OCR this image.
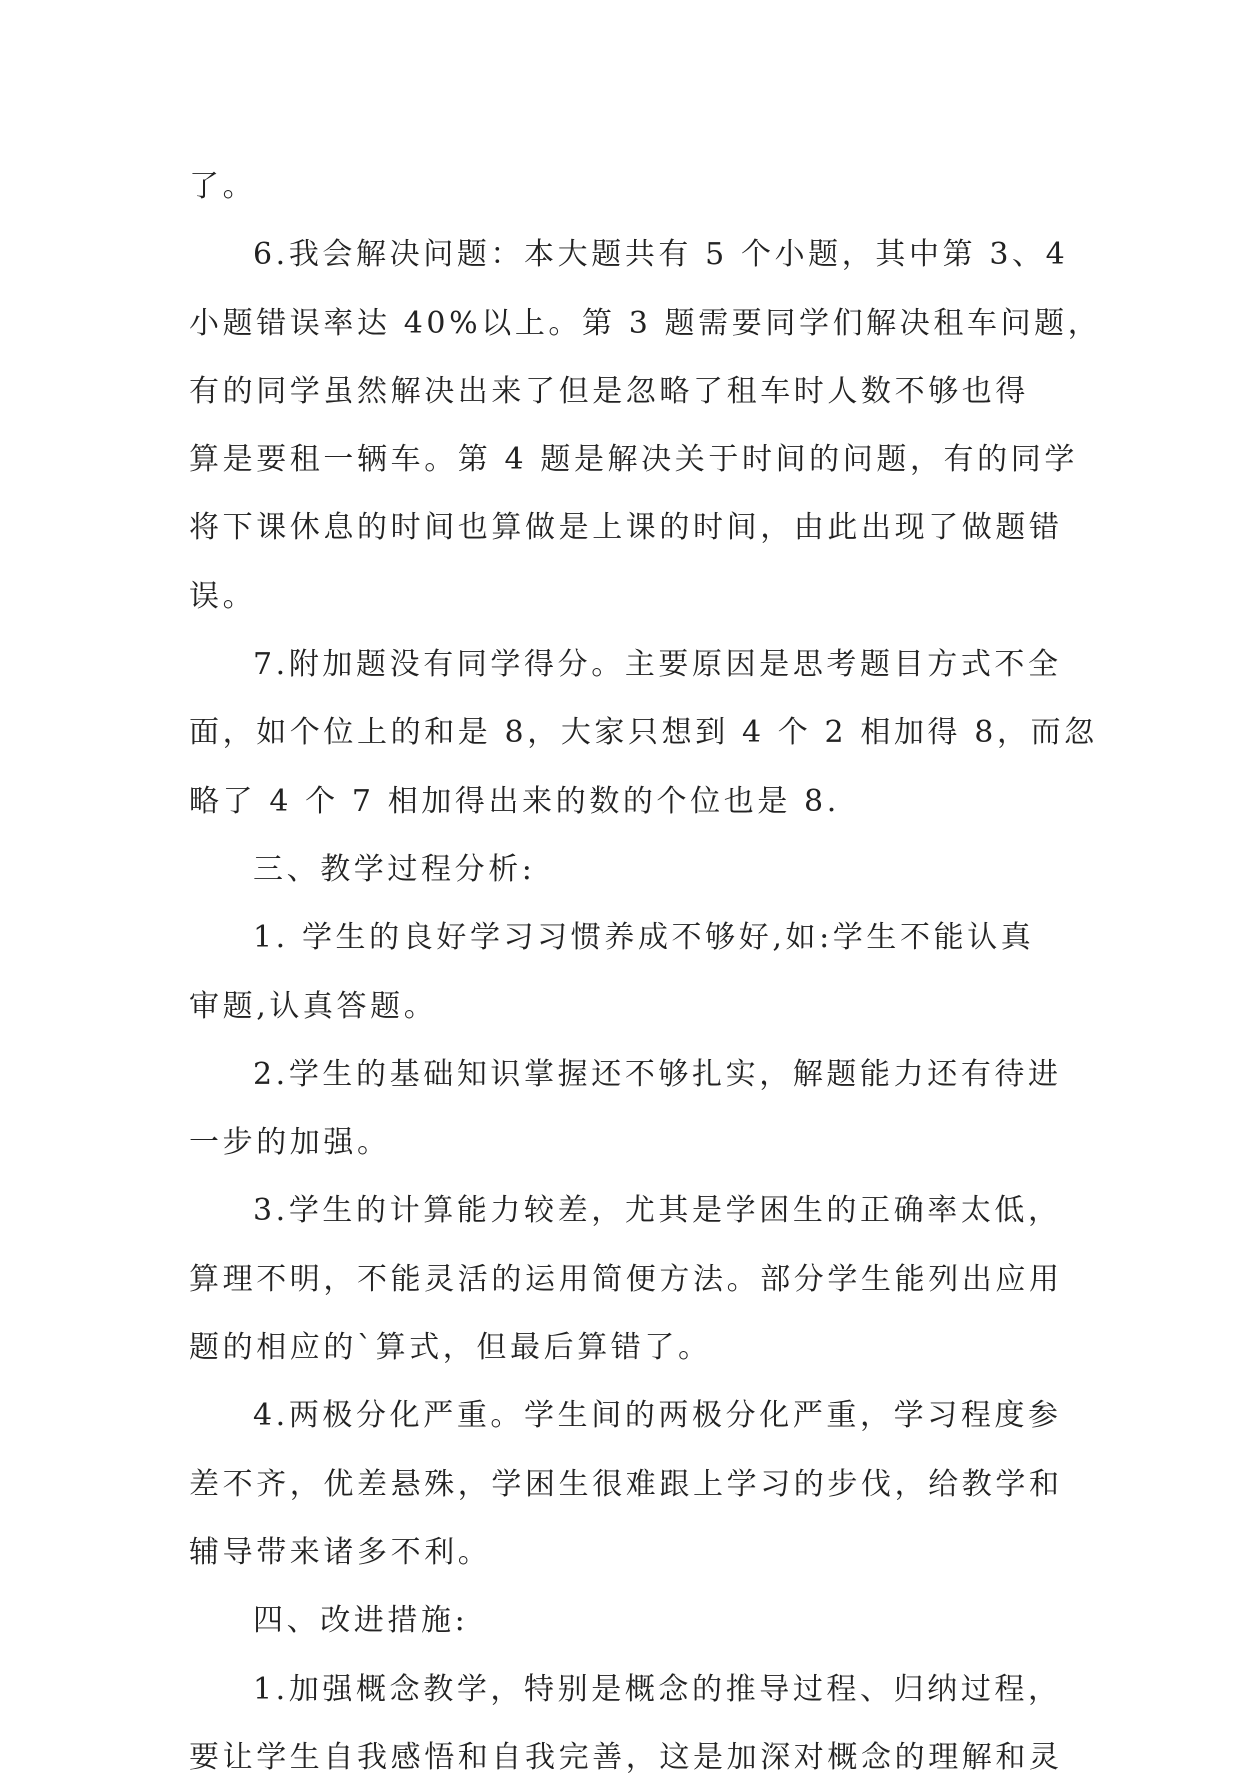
了。
6.我会解决问题：本大题共有 5 个小题，其中第 3、4
小题错误率达 40%以上。第 3 题需要同学们解决租车问题，
有的同学虽然解决出来了但是忽略了租车时人数不够也得
算是要租一辆车。第 4 题是解决关于时间的问题，有的同学
将下课休息的时间也算做是上课的时间，由此出现了做题错
误。
7.附加题没有同学得分。主要原因是思考题目方式不全
面，如个位上的和是 8，大家只想到 4 个 2 相加得 8，而忽
略了 4 个 7 相加得出来的数的个位也是 8.
三、教学过程分析:
1. 学生的良好学习习惯养成不够好,如:学生不能认真
审题,认真答题。
2.学生的基础知识掌握还不够扎实，解题能力还有待进
一步的加强。
3.学生的计算能力较差，尤其是学困生的正确率太低，
算理不明，不能灵活的运用简便方法。部分学生能列出应用
题的相应的`算式，但最后算错了。
4.两极分化严重。学生间的两极分化严重，学习程度参
差不齐，优差悬殊，学困生很难跟上学习的步伐，给教学和
辅导带来诸多不利。
四、改进措施:
1.加强概念教学，特别是概念的推导过程、归纳过程，
要让学生自我感悟和自我完善，这是加深对概念的理解和灵
